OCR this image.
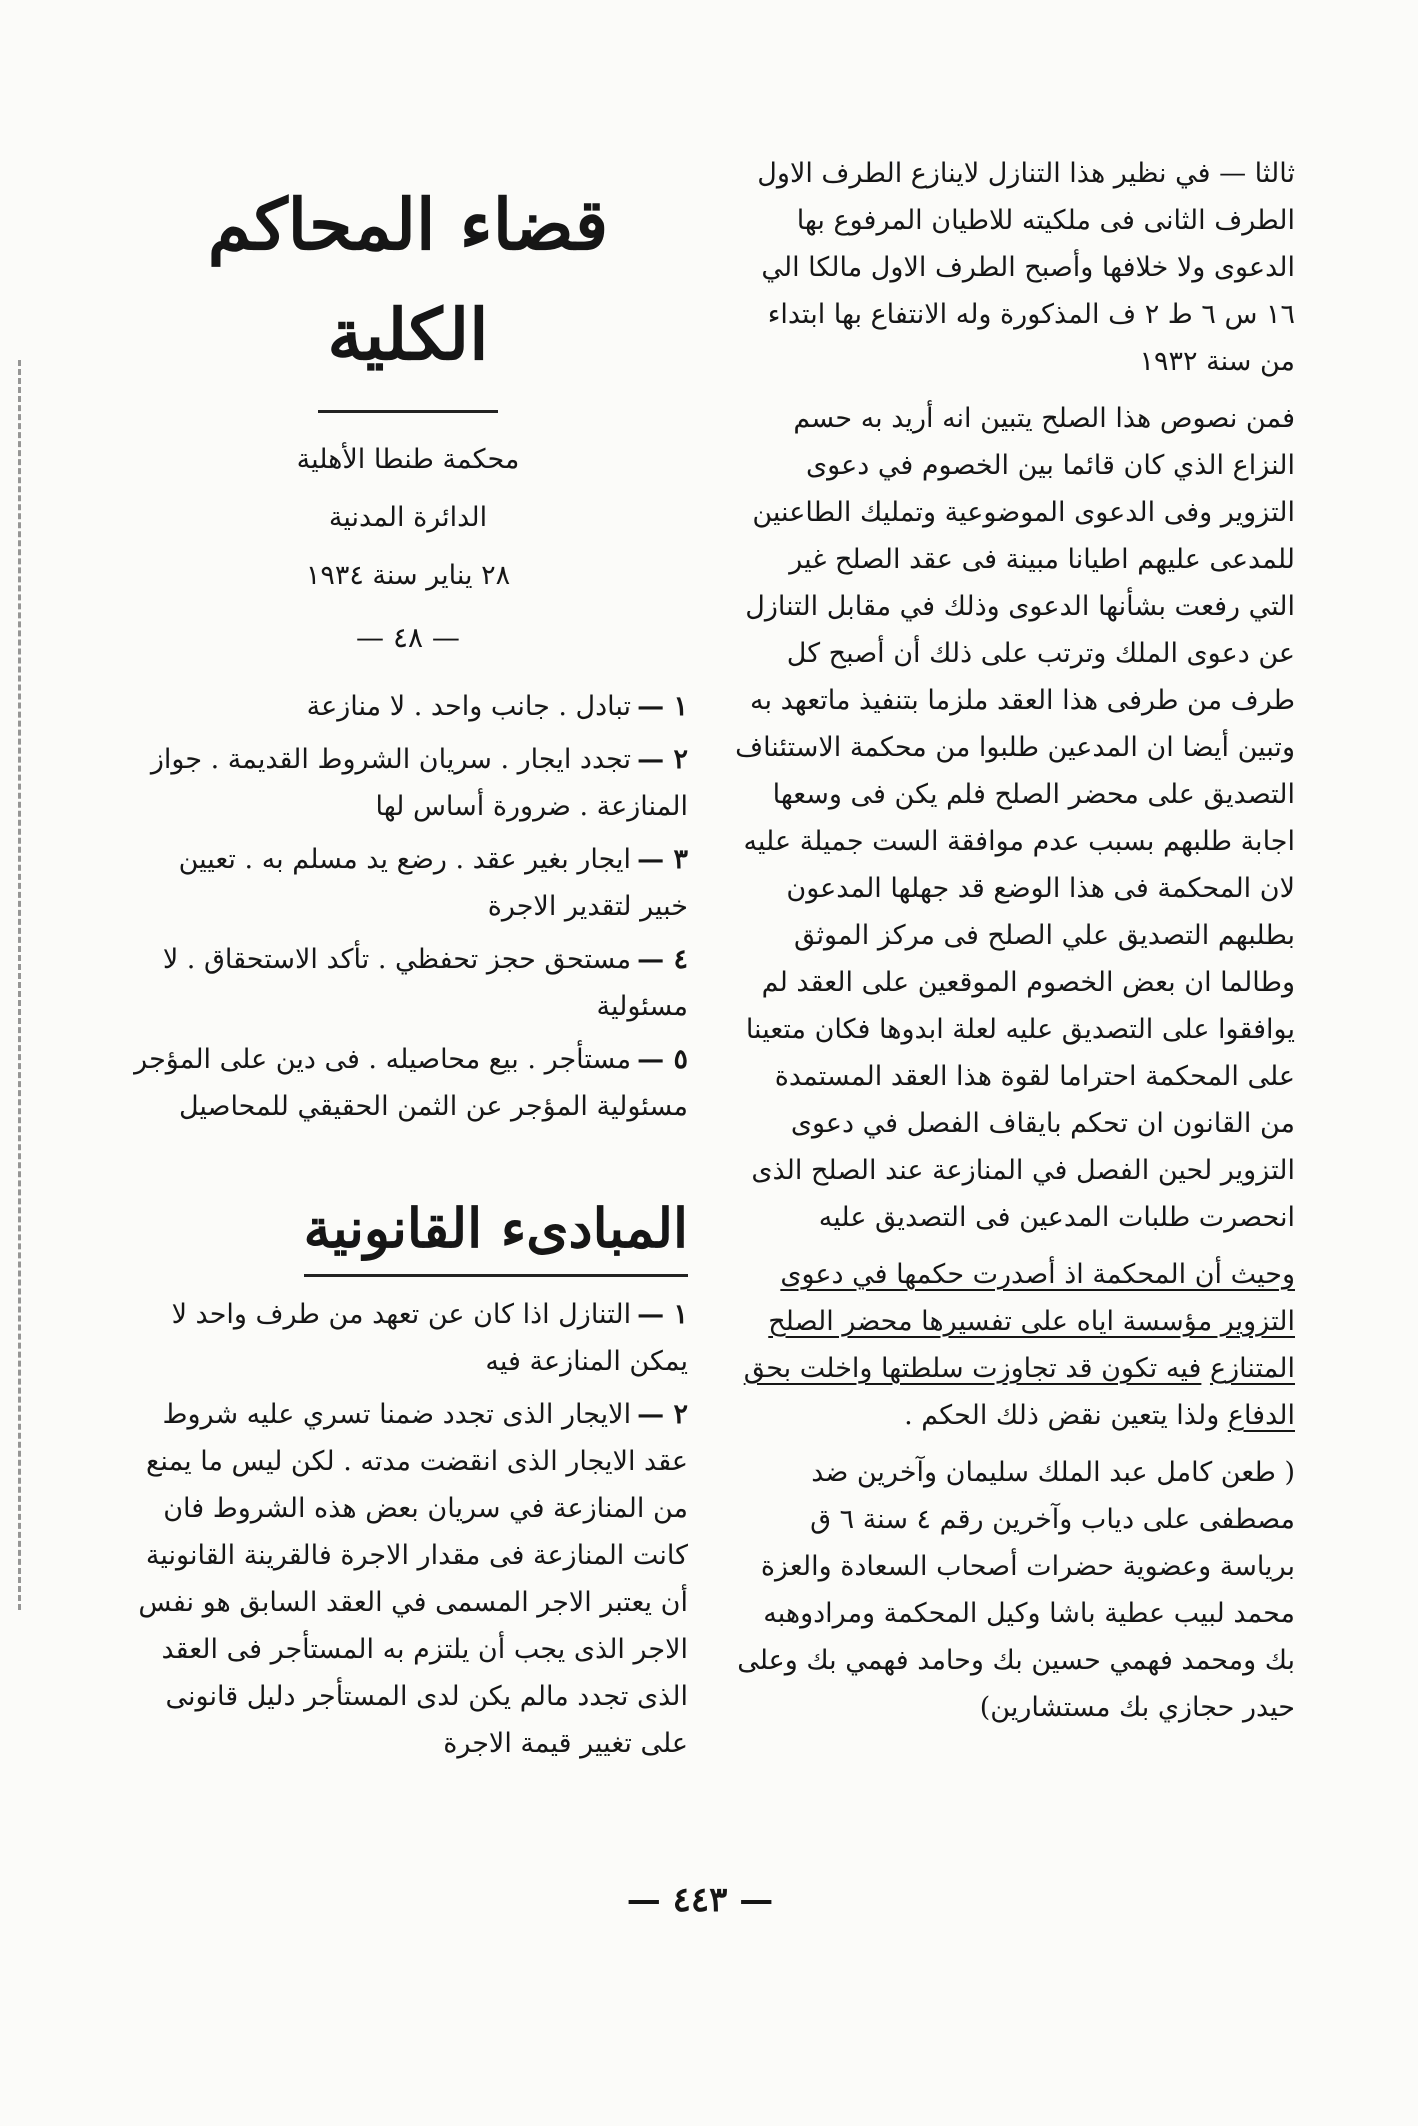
ثالثا — في نظير هذا التنازل لاينازع الطرف الاول الطرف الثانى فى ملكيته للاطيان المرفوع بها الدعوى ولا خلافها وأصبح الطرف الاول مالكا الي ١٦ س ٦ ط ٢ ف المذكورة وله الانتفاع بها ابتداء من سنة ١٩٣٢

فمن نصوص هذا الصلح يتبين انه أريد به حسم النزاع الذي كان قائما بين الخصوم في دعوى التزوير وفى الدعوى الموضوعية وتمليك الطاعنين للمدعى عليهم اطيانا مبينة فى عقد الصلح غير التي رفعت بشأنها الدعوى وذلك في مقابل التنازل عن دعوى الملك وترتب على ذلك أن أصبح كل طرف من طرفى هذا العقد ملزما بتنفيذ ماتعهد به وتبين أيضا ان المدعين طلبوا من محكمة الاستئناف التصديق على محضر الصلح فلم يكن فى وسعها اجابة طلبهم بسبب عدم موافقة الست جميلة عليه لان المحكمة فى هذا الوضع قد جهلها المدعون بطلبهم التصديق علي الصلح فى مركز الموثق وطالما ان بعض الخصوم الموقعين على العقد لم يوافقوا على التصديق عليه لعلة ابدوها فكان متعينا على المحكمة احتراما لقوة هذا العقد المستمدة من القانون ان تحكم بايقاف الفصل في دعوى التزوير لحين الفصل في المنازعة عند الصلح الذى انحصرت طلبات المدعين فى التصديق عليه

وحيث أن المحكمة اذ أصدرت حكمها في دعوى التزوير مؤسسة اياه على تفسيرها محضر الصلح المتنازع فيه تكون قد تجاوزت سلطتها واخلت بحق الدفاع ولذا يتعين نقض ذلك الحكم .

( طعن كامل عبد الملك سليمان وآخرين ضد مصطفى على دياب وآخرين رقم ٤ سنة ٦ ق برياسة وعضوية حضرات أصحاب السعادة والعزة محمد لبيب عطية باشا وكيل المحكمة ومرادوهبه بك ومحمد فهمي حسين بك وحامد فهمي بك وعلى حيدر حجازي بك مستشارين)

قضاء المحاكم الكلية
محكمة طنطا الأهلية
الدائرة المدنية
٢٨ يناير سنة ١٩٣٤
— ٤٨ —
١ —تبادل . جانب واحد . لا منازعة
٢ —تجدد ايجار . سريان الشروط القديمة . جواز المنازعة . ضرورة أساس لها
٣ —ايجار بغير عقد . رضع يد مسلم به . تعيين خبير لتقدير الاجرة
٤ —مستحق حجز تحفظي . تأكد الاستحقاق . لا مسئولية
٥ —مستأجر . بيع محاصيله . فى دين على المؤجر مسئولية المؤجر عن الثمن الحقيقي للمحاصيل
المبادىء القانونية
١ —التنازل اذا كان عن تعهد من طرف واحد لا يمكن المنازعة فيه
٢ —الايجار الذى تجدد ضمنا تسري عليه شروط عقد الايجار الذى انقضت مدته . لكن ليس ما يمنع من المنازعة في سريان بعض هذه الشروط فان كانت المنازعة فى مقدار الاجرة فالقرينة القانونية أن يعتبر الاجر المسمى في العقد السابق هو نفس الاجر الذى يجب أن يلتزم به المستأجر فى العقد الذى تجدد مالم يكن لدى المستأجر دليل قانونى على تغيير قيمة الاجرة
— ٤٤٣ —
